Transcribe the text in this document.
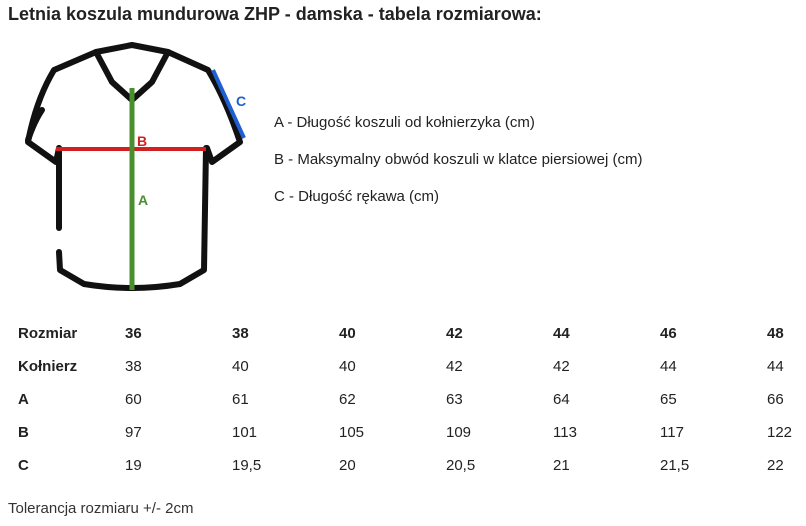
Letnia koszula mundurowa ZHP - damska - tabela rozmiarowa:
B
A
C
A - Długość koszuli od kołnierzyka (cm)
B - Maksymalny obwód koszuli w klatce piersiowej (cm)
C - Długość rękawa (cm)
Rozmiar	36	38	40	42	44	46	48
Kołnierz	38	40	40	42	42	44	44
A	60	61	62	63	64	65	66
B	97	101	105	109	113	117	122
C	19	19,5	20	20,5	21	21,5	22
Tolerancja rozmiaru +/- 2cm
